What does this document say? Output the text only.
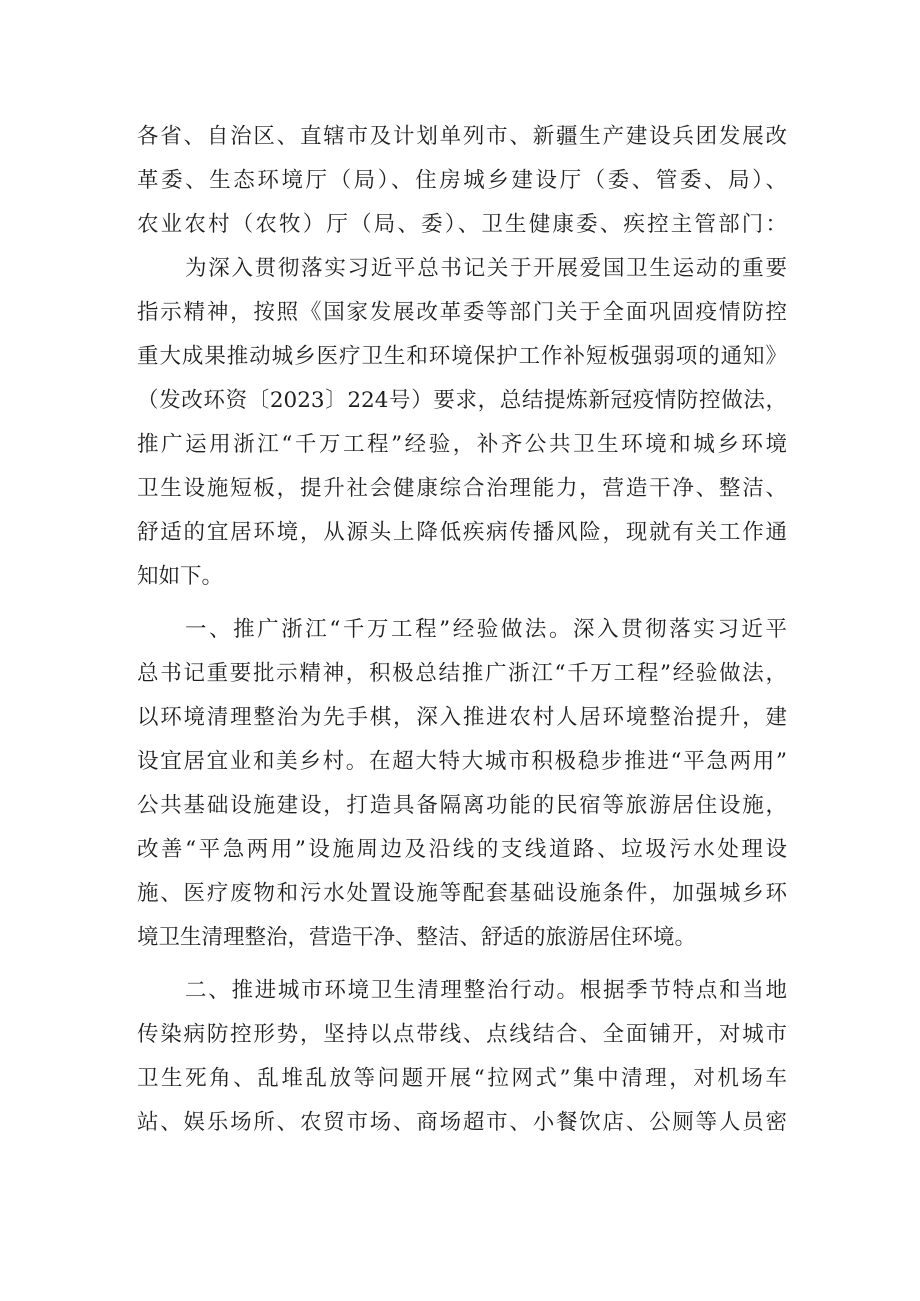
各省、自治区、直辖市及计划单列市、新疆生产建设兵团发展改
革委、生态环境厅（局）、住房城乡建设厅（委、管委、局）、
农业农村（农牧）厅（局、委）、卫生健康委、疾控主管部门：
为深入贯彻落实习近平总书记关于开展爱国卫生运动的重要
指示精神，按照《国家发展改革委等部门关于全面巩固疫情防控
重大成果推动城乡医疗卫生和环境保护工作补短板强弱项的通知》
（发改环资〔2023〕224号）要求，总结提炼新冠疫情防控做法，
推广运用浙江“千万工程”经验，补齐公共卫生环境和城乡环境
卫生设施短板，提升社会健康综合治理能力，营造干净、整洁、
舒适的宜居环境，从源头上降低疾病传播风险，现就有关工作通
知如下。
一、推广浙江“千万工程”经验做法。深入贯彻落实习近平
总书记重要批示精神，积极总结推广浙江“千万工程”经验做法，
以环境清理整治为先手棋，深入推进农村人居环境整治提升，建
设宜居宜业和美乡村。在超大特大城市积极稳步推进“平急两用”
公共基础设施建设，打造具备隔离功能的民宿等旅游居住设施，
改善“平急两用”设施周边及沿线的支线道路、垃圾污水处理设
施、医疗废物和污水处置设施等配套基础设施条件，加强城乡环
境卫生清理整治，营造干净、整洁、舒适的旅游居住环境。
二、推进城市环境卫生清理整治行动。根据季节特点和当地
传染病防控形势，坚持以点带线、点线结合、全面铺开，对城市
卫生死角、乱堆乱放等问题开展“拉网式”集中清理，对机场车
站、娱乐场所、农贸市场、商场超市、小餐饮店、公厕等人员密
